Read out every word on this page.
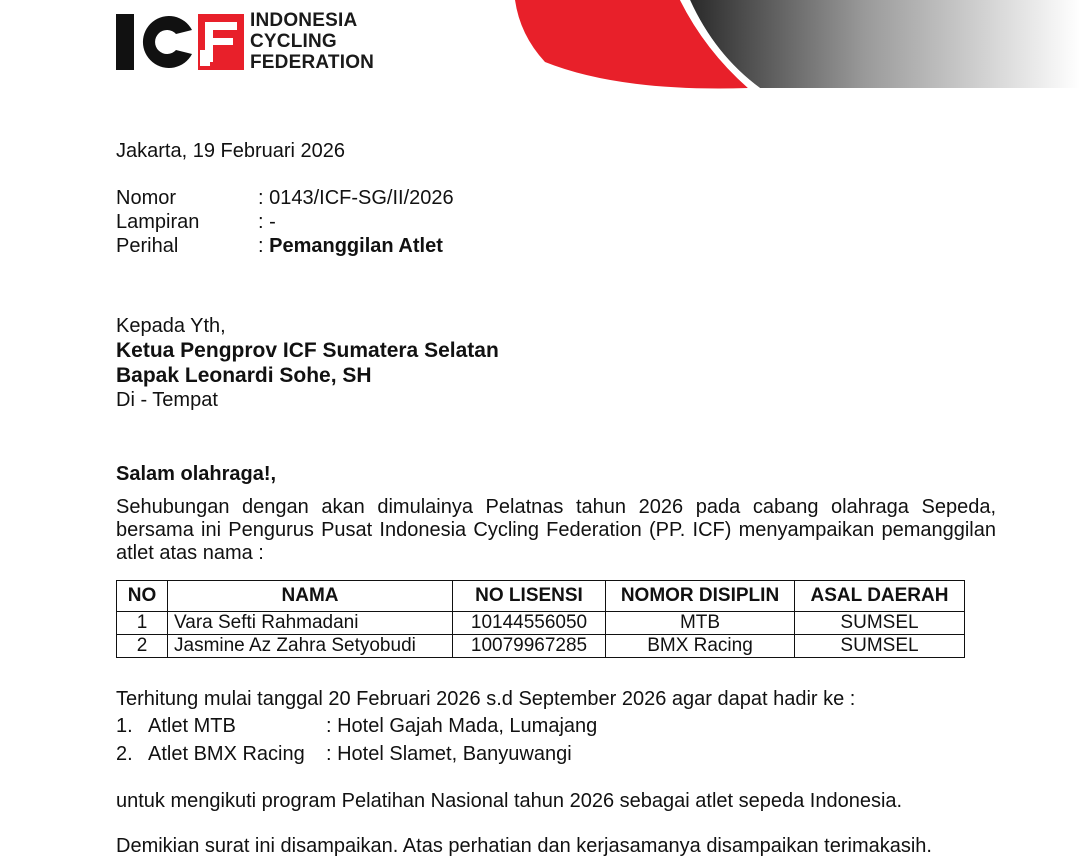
INDONESIA
CYCLING
FEDERATION
Jakarta, 19 Februari 2026
Nomor	: 0143/ICF-SG/II/2026
Lampiran	: -
Perihal	: Pemanggilan Atlet
Kepada Yth,
Ketua Pengprov ICF Sumatera Selatan
Bapak Leonardi Sohe, SH
Di - Tempat
Salam olahraga!,
Sehubungan dengan akan dimulainya Pelatnas tahun 2026 pada cabang olahraga Sepeda, bersama ini Pengurus Pusat Indonesia Cycling Federation (PP. ICF) menyampaikan pemanggilan atlet atas nama :
NO	NAMA	NO LISENSI	NOMOR DISIPLIN	ASAL DAERAH
1	Vara Sefti Rahmadani	10144556050	MTB	SUMSEL
2	Jasmine Az Zahra Setyobudi	10079967285	BMX Racing	SUMSEL
Terhitung mulai tanggal 20 Februari 2026 s.d September 2026 agar dapat hadir ke :
1. Atlet MTB	: Hotel Gajah Mada, Lumajang
2. Atlet BMX Racing	: Hotel Slamet, Banyuwangi
untuk mengikuti program Pelatihan Nasional tahun 2026 sebagai atlet sepeda Indonesia.
Demikian surat ini disampaikan. Atas perhatian dan kerjasamanya disampaikan terimakasih.
